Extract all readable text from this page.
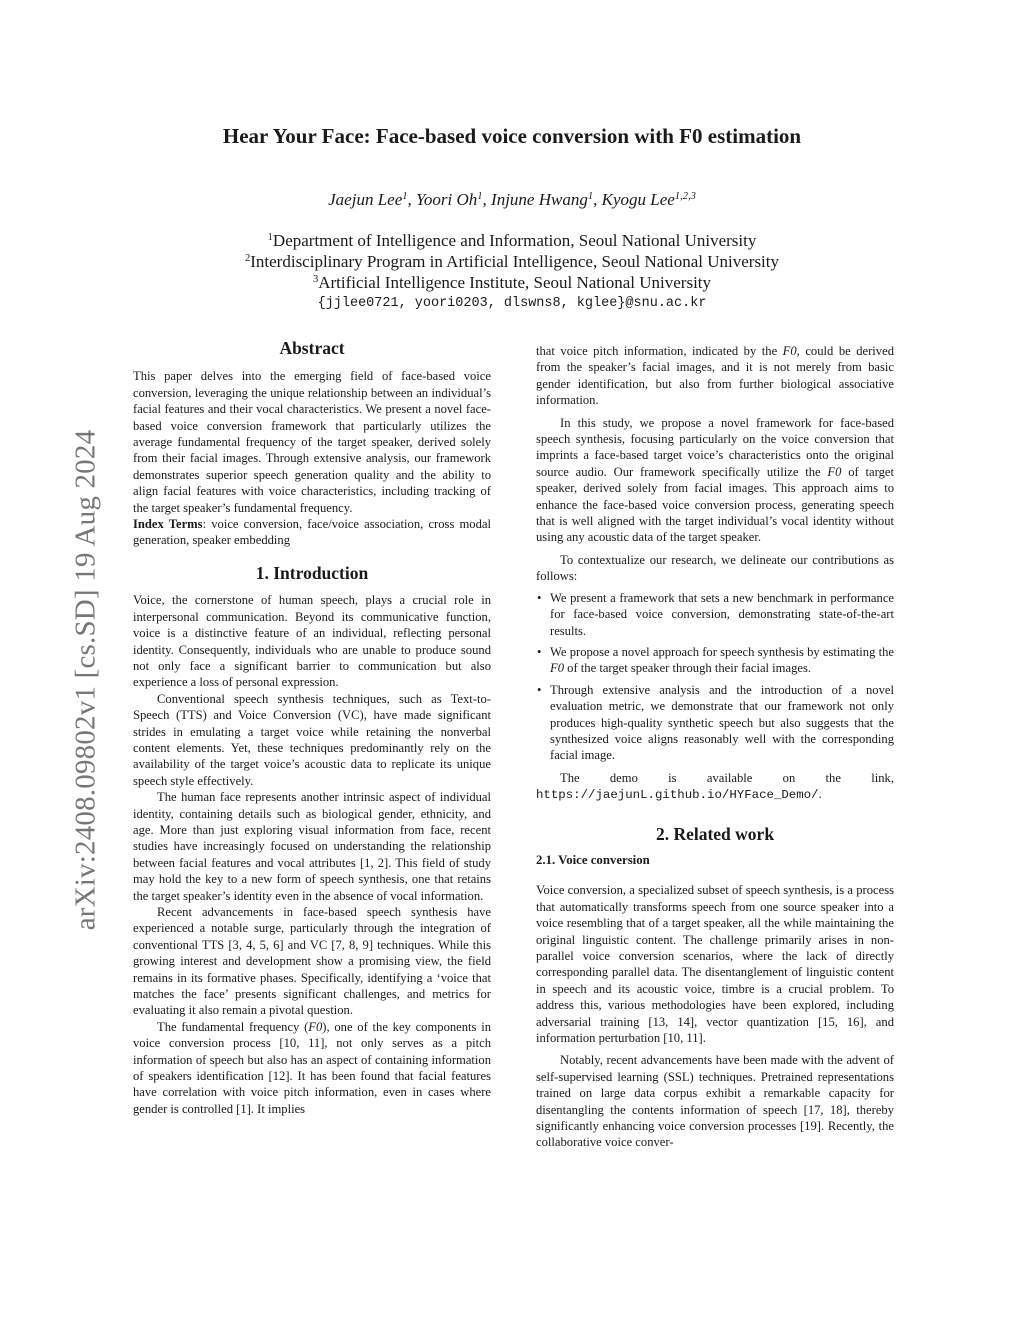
arXiv:2408.09802v1 [cs.SD] 19 Aug 2024
Hear Your Face: Face-based voice conversion with F0 estimation
Jaejun Lee$^1$, Yoori Oh$^1$, Injune Hwang$^1$, Kyogu Lee$^{1,2,3}$
$^1$Department of Intelligence and Information, Seoul National University
$^2$Interdisciplinary Program in Artificial Intelligence, Seoul National University
$^3$Artificial Intelligence Institute, Seoul National University
{jjlee0721, yoori0203, dlswns8, kglee}@snu.ac.kr
Abstract

This paper delves into the emerging field of face-based voice conversion, leveraging the unique relationship between an individual’s facial features and their vocal characteristics. We present a novel face-based voice conversion framework that particularly utilizes the average fundamental frequency of the target speaker, derived solely from their facial images. Through extensive analysis, our framework demonstrates superior speech generation quality and the ability to align facial features with voice characteristics, including tracking of the target speaker’s fundamental frequency.

Index Terms: voice conversion, face/voice association, cross modal generation, speaker embedding

1. Introduction

Voice, the cornerstone of human speech, plays a crucial role in interpersonal communication. Beyond its communicative function, voice is a distinctive feature of an individual, reflecting personal identity. Consequently, individuals who are unable to produce sound not only face a significant barrier to communication but also experience a loss of personal expression.

Conventional speech synthesis techniques, such as Text-to-Speech (TTS) and Voice Conversion (VC), have made significant strides in emulating a target voice while retaining the nonverbal content elements. Yet, these techniques predominantly rely on the availability of the target voice’s acoustic data to replicate its unique speech style effectively.

The human face represents another intrinsic aspect of individual identity, containing details such as biological gender, ethnicity, and age. More than just exploring visual information from face, recent studies have increasingly focused on understanding the relationship between facial features and vocal attributes [1, 2]. This field of study may hold the key to a new form of speech synthesis, one that retains the target speaker’s identity even in the absence of vocal information.

Recent advancements in face-based speech synthesis have experienced a notable surge, particularly through the integration of conventional TTS [3, 4, 5, 6] and VC [7, 8, 9] techniques. While this growing interest and development show a promising view, the field remains in its formative phases. Specifically, identifying a ‘voice that matches the face’ presents significant challenges, and metrics for evaluating it also remain a pivotal question.

The fundamental frequency (F0), one of the key components in voice conversion process [10, 11], not only serves as a pitch information of speech but also has an aspect of containing information of speakers identification [12]. It has been found that facial features have correlation with voice pitch information, even in cases where gender is controlled [1]. It implies

that voice pitch information, indicated by the F0, could be derived from the speaker’s facial images, and it is not merely from basic gender identification, but also from further biological associative information.

In this study, we propose a novel framework for face-based speech synthesis, focusing particularly on the voice conversion that imprints a face-based target voice’s characteristics onto the original source audio. Our framework specifically utilize the F0 of target speaker, derived solely from facial images. This approach aims to enhance the face-based voice conversion process, generating speech that is well aligned with the target individual’s vocal identity without using any acoustic data of the target speaker.

To contextualize our research, we delineate our contributions as follows:

• We present a framework that sets a new benchmark in performance for face-based voice conversion, demonstrating state-of-the-art results.
• We propose a novel approach for speech synthesis by estimating the F0 of the target speaker through their facial images.
• Through extensive analysis and the introduction of a novel evaluation metric, we demonstrate that our framework not only produces high-quality synthetic speech but also suggests that the synthesized voice aligns reasonably well with the corresponding facial image.

The demo is available on the link, https://jaejunL.github.io/HYFace_Demo/.

2. Related work
2.1. Voice conversion

Voice conversion, a specialized subset of speech synthesis, is a process that automatically transforms speech from one source speaker into a voice resembling that of a target speaker, all the while maintaining the original linguistic content. The challenge primarily arises in non-parallel voice conversion scenarios, where the lack of directly corresponding parallel data. The disentanglement of linguistic content in speech and its acoustic voice, timbre is a crucial problem. To address this, various methodologies have been explored, including adversarial training [13, 14], vector quantization [15, 16], and information perturbation [10, 11].

Notably, recent advancements have been made with the advent of self-supervised learning (SSL) techniques. Pretrained representations trained on large data corpus exhibit a remarkable capacity for disentangling the contents information of speech [17, 18], thereby significantly enhancing voice conversion processes [19]. Recently, the collaborative voice conver-
